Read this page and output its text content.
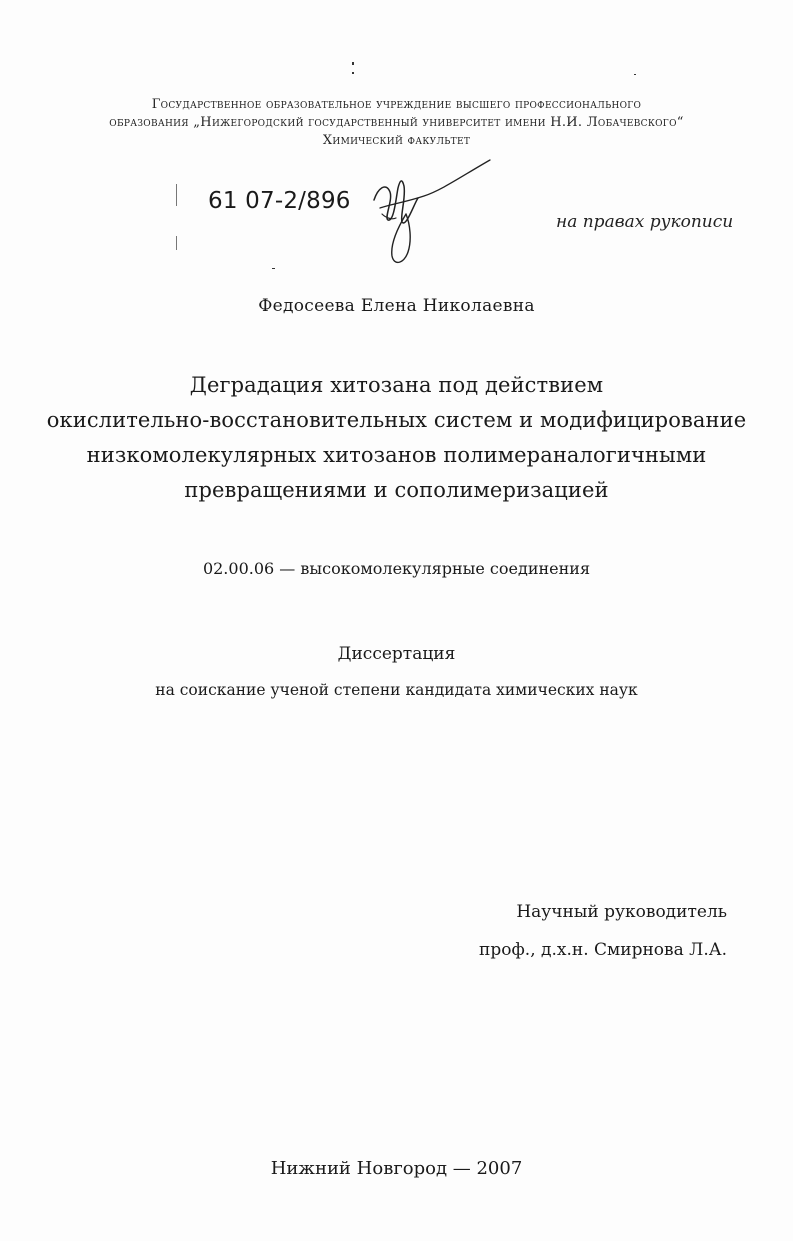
Государственное образовательное учреждение высшего профессионального
образования „Нижегородский государственный университет имени Н.И. Лобачевского“
Химический факультет
61 07-2/896
на правах рукописи
Федосеева Елена Николаевна
Деградация хитозана под действием
окислительно-восстановительных систем и модифицирование
низкомолекулярных хитозанов полимераналогичными
превращениями и сополимеризацией
02.00.06 — высокомолекулярные соединения
Диссертация
на соискание ученой степени кандидата химических наук
Научный руководитель
проф., д.х.н. Смирнова Л.А.
Нижний Новгород — 2007
